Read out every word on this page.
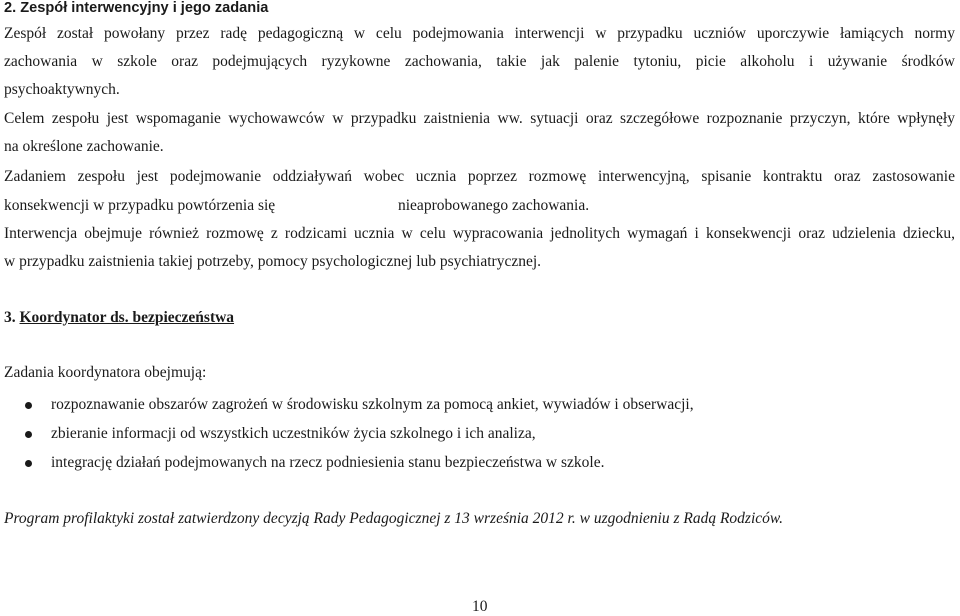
2. Zespół interwencyjny i jego zadania
Zespół został powołany przez radę pedagogiczną w celu podejmowania interwencji w przypadku uczniów uporczywie łamiących normy
zachowania w szkole oraz podejmujących ryzykowne zachowania, takie jak palenie tytoniu, picie alkoholu i używanie środków
psychoaktywnych.
Celem zespołu jest wspomaganie wychowawców w przypadku zaistnienia ww. sytuacji oraz szczegółowe rozpoznanie przyczyn, które wpłynęły
na określone zachowanie.
Zadaniem zespołu jest podejmowanie oddziaływań wobec ucznia poprzez rozmowę interwencyjną, spisanie kontraktu oraz zastosowanie
konsekwencji w przypadku powtórzenia się	nieaprobowanego zachowania.
Interwencja obejmuje również rozmowę z rodzicami ucznia w celu wypracowania jednolitych wymagań i konsekwencji oraz udzielenia dziecku,
w przypadku zaistnienia takiej potrzeby, pomocy psychologicznej lub psychiatrycznej.
3. Koordynator ds. bezpieczeństwa
Zadania koordynatora obejmują:
rozpoznawanie obszarów zagrożeń w środowisku szkolnym za pomocą ankiet, wywiadów i obserwacji,
zbieranie informacji od wszystkich uczestników życia szkolnego i ich analiza,
integrację działań podejmowanych na rzecz podniesienia stanu bezpieczeństwa w szkole.
Program profilaktyki został zatwierdzony decyzją Rady Pedagogicznej z 13 września 2012 r. w uzgodnieniu z Radą Rodziców.
10
